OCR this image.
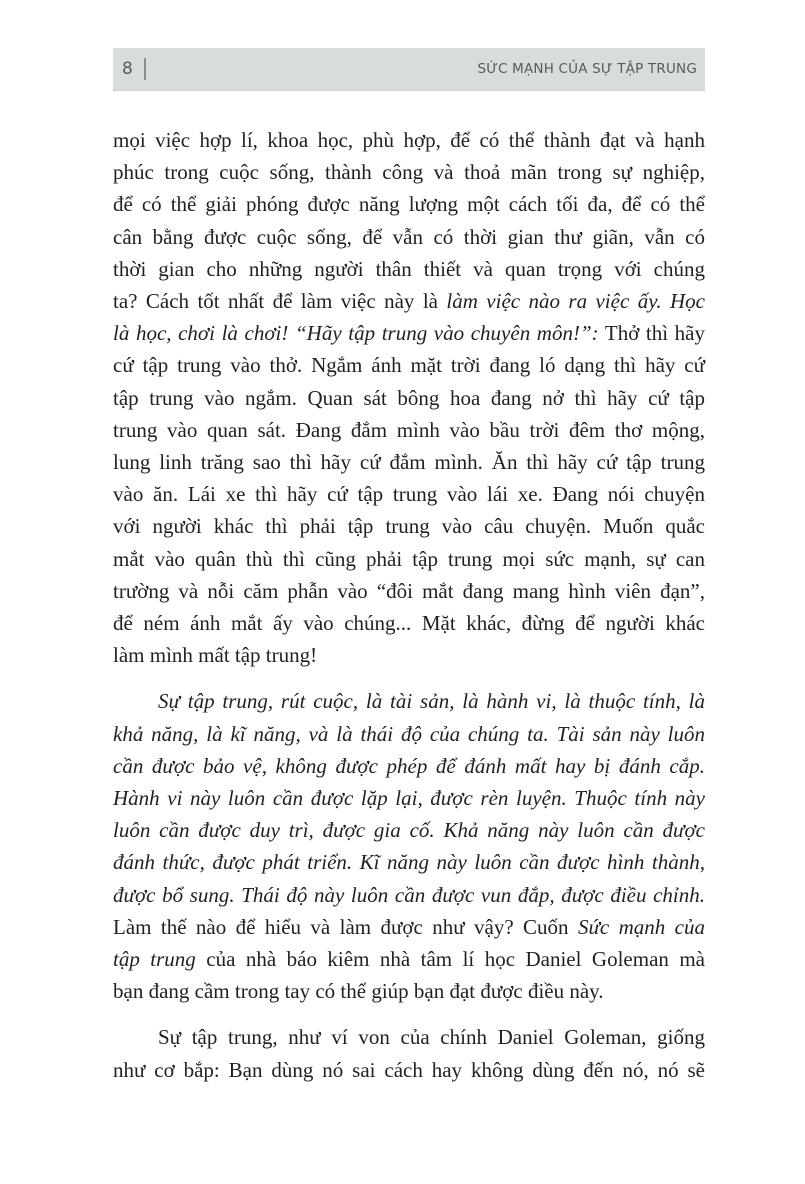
8	SỨC MẠNH CỦA SỰ TẬP TRUNG

mọi việc hợp lí, khoa học, phù hợp, để có thể thành đạt và hạnh
phúc trong cuộc sống, thành công và thoả mãn trong sự nghiệp,
để có thể giải phóng được năng lượng một cách tối đa, để có thể
cân bằng được cuộc sống, để vẫn có thời gian thư giãn, vẫn có
thời gian cho những người thân thiết và quan trọng với chúng
ta? Cách tốt nhất để làm việc này là làm việc nào ra việc ấy. Học
là học, chơi là chơi! “Hãy tập trung vào chuyên môn!”: Thở thì hãy
cứ tập trung vào thở. Ngắm ánh mặt trời đang ló dạng thì hãy cứ
tập trung vào ngắm. Quan sát bông hoa đang nở thì hãy cứ tập
trung vào quan sát. Đang đắm mình vào bầu trời đêm thơ mộng,
lung linh trăng sao thì hãy cứ đắm mình. Ăn thì hãy cứ tập trung
vào ăn. Lái xe thì hãy cứ tập trung vào lái xe. Đang nói chuyện
với người khác thì phải tập trung vào câu chuyện. Muốn quắc
mắt vào quân thù thì cũng phải tập trung mọi sức mạnh, sự can
trường và nỗi căm phẫn vào “đôi mắt đang mang hình viên đạn”,
để ném ánh mắt ấy vào chúng... Mặt khác, đừng để người khác
làm mình mất tập trung!

Sự tập trung, rút cuộc, là tài sản, là hành vi, là thuộc tính, là
khả năng, là kĩ năng, và là thái độ của chúng ta. Tài sản này luôn
cần được bảo vệ, không được phép để đánh mất hay bị đánh cắp.
Hành vi này luôn cần được lặp lại, được rèn luyện. Thuộc tính này
luôn cần được duy trì, được gia cố. Khả năng này luôn cần được
đánh thức, được phát triển. Kĩ năng này luôn cần được hình thành,
được bổ sung. Thái độ này luôn cần được vun đắp, được điều chỉnh.
Làm thế nào để hiểu và làm được như vậy? Cuốn Sức mạnh của
tập trung của nhà báo kiêm nhà tâm lí học Daniel Goleman mà
bạn đang cầm trong tay có thể giúp bạn đạt được điều này.

Sự tập trung, như ví von của chính Daniel Goleman, giống
như cơ bắp: Bạn dùng nó sai cách hay không dùng đến nó, nó sẽ
